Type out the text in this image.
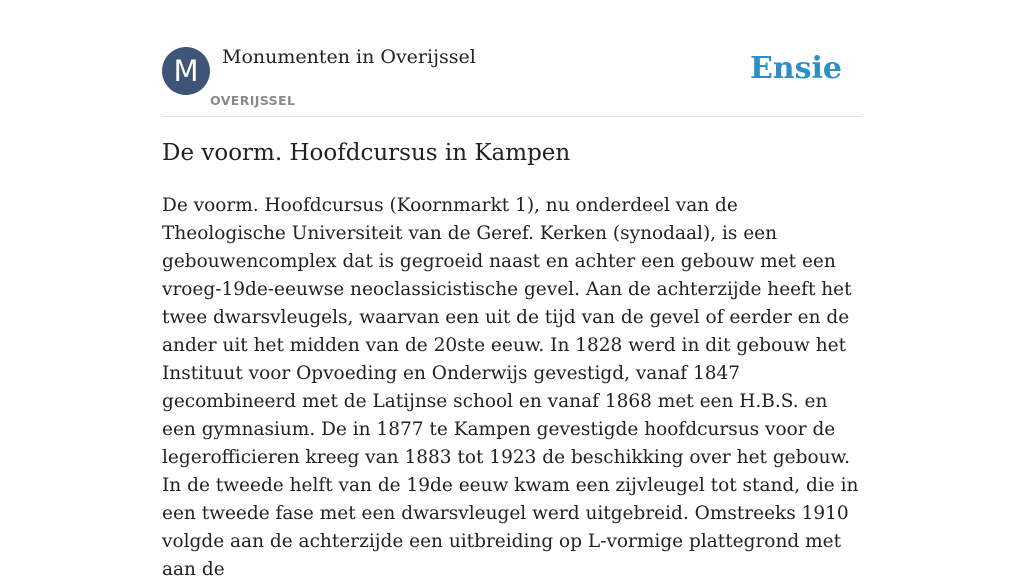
M	Monumenten in Overijssel
OVERIJSSEL
Ensie
De voorm. Hoofdcursus in Kampen

De voorm. Hoofdcursus (Koornmarkt 1), nu onderdeel van de Theologische Universiteit van de Geref. Kerken (synodaal), is een gebouwencomplex dat is gegroeid naast en achter een gebouw met een vroeg-19de-eeuwse neoclassicistische gevel. Aan de achterzijde heeft het twee dwarsvleugels, waarvan een uit de tijd van de gevel of eerder en de ander uit het midden van de 20ste eeuw. In 1828 werd in dit gebouw het Instituut voor Opvoeding en Onderwijs gevestigd, vanaf 1847 gecombineerd met de Latijnse school en vanaf 1868 met een H.B.S. en een gymnasium. De in 1877 te Kampen gevestigde hoofdcursus voor de legerofficieren kreeg van 1883 tot 1923 de beschikking over het gebouw. In de tweede helft van de 19de eeuw kwam een zijvleugel tot stand, die in een tweede fase met een dwarsvleugel werd uitgebreid. Omstreeks 1910 volgde aan de achterzijde een uitbreiding op L-vormige plattegrond met aan de
